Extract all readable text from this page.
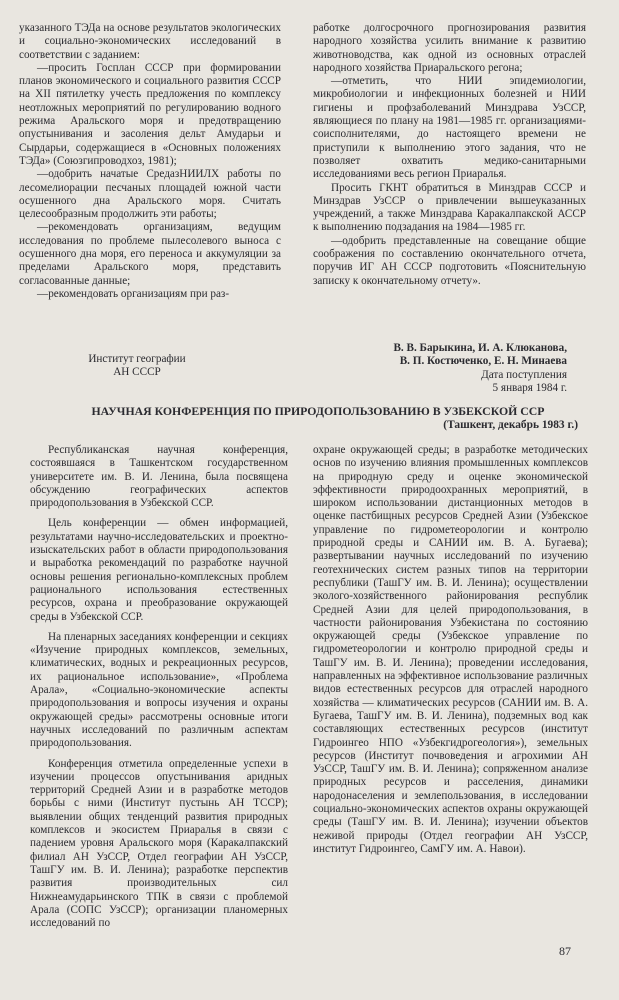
указанного ТЭДа на основе результатов экологических и социально-экономических исследований в соответствии с заданием:

—просить Госплан СССР при формировании планов экономического и социального развития СССР на XII пятилетку учесть предложения по комплексу неотложных мероприятий по регулированию водного режима Аральского моря и предотвращению опустынивания и засоления дельт Амударьи и Сырдарьи, содержащиеся в «Основных положениях ТЭДа» (Союзгипроводхоз, 1981);

—одобрить начатые СредазНИИЛХ работы по лесомелиорации песчаных площадей южной части осушенного дна Аральского моря. Считать целесообразным продолжить эти работы;

—рекомендовать организациям, ведущим исследования по проблеме пылесолевого выноса с осушенного дна моря, его переноса и аккумуляции за пределами Аральского моря, представить согласованные данные;

—рекомендовать организациям при раз-

работке долгосрочного прогнозирования развития народного хозяйства усилить внимание к развитию животноводства, как одной из основных отраслей народного хозяйства Приаральского регона;

—отметить, что НИИ эпидемиологии, микробиологии и инфекционных болезней и НИИ гигиены и профзаболеваний Минздрава УзССР, являющиеся по плану на 1981—1985 гг. организациями-соисполнителями, до настоящего времени не приступили к выполнению этого задания, что не позволяет охватить медико-санитарными исследованиями весь регион Приаралья.

Просить ГКНТ обратиться в Минздрав СССР и Минздрав УзССР о привлечении вышеуказанных учреждений, а также Минздрава Каракалпакской АССР к выполнению подзадания на 1984—1985 гг.

—одобрить представленные на совещание общие соображения по составлению окончательного отчета, поручив ИГ АН СССР подготовить «Пояснительную записку к окончательному отчету».

Институт географии
АН СССР
В. В. Барыкина, И. А. Клюканова,
В. П. Костюченко, Е. Н. Минаева
Дата поступления
5 января 1984 г.
НАУЧНАЯ КОНФЕРЕНЦИЯ ПО ПРИРОДОПОЛЬЗОВАНИЮ В УЗБЕКСКОЙ ССР
(Ташкент, декабрь 1983 г.)

Республиканская научная конференция, состоявшаяся в Ташкентском государственном университете им. В. И. Ленина, была посвящена обсуждению географических аспектов природопользования в Узбекской ССР.

Цель конференции — обмен информацией, результатами научно-исследовательских и проектно-изыскательских работ в области природопользования и выработка рекомендаций по разработке научной основы решения регионально-комплексных проблем рационального использования естественных ресурсов, охрана и преобразование окружающей среды в Узбекской ССР.

На пленарных заседаниях конференции и секциях «Изучение природных комплексов, земельных, климатических, водных и рекреационных ресурсов, их рациональное использование», «Проблема Арала», «Социально-экономические аспекты природопользования и вопросы изучения и охраны окружающей среды» рассмотрены основные итоги научных исследований по различным аспектам природопользования.

Конференция отметила определенные успехи в изучении процессов опустынивания аридных территорий Средней Азии и в разработке методов борьбы с ними (Институт пустынь АН ТССР); выявлении общих тенденций развития природных комплексов и экосистем Приаралья в связи с падением уровня Аральского моря (Каракалпакский филиал АН УзССР, Отдел географии АН УзССР, ТашГУ им. В. И. Ленина); разработке перспектив развития производительных сил Нижнеамударьинского ТПК в связи с проблемой Арала (СОПС УзССР); организации планомерных исследований по

охране окружающей среды; в разработке методических основ по изучению влияния промышленных комплексов на природную среду и оценке экономической эффективности природоохранных мероприятий, в широком использовании дистанционных методов в оценке пастбищных ресурсов Средней Азии (Узбекское управление по гидрометеорологии и контролю природной среды и САНИИ им. В. А. Бугаева); развертывании научных исследований по изучению геотехнических систем разных типов на территории республики (ТашГУ им. В. И. Ленина); осуществлении эколого-хозяйственного районирования республик Средней Азии для целей природопользования, в частности районирования Узбекистана по состоянию окружающей среды (Узбекское управление по гидрометеорологии и контролю природной среды и ТашГУ им. В. И. Ленина); проведении исследования, направленных на эффективное использование различных видов естественных ресурсов для отраслей народного хозяйства — климатических ресурсов (САНИИ им. В. А. Бугаева, ТашГУ им. В. И. Ленина), подземных вод как составляющих естественных ресурсов (институт Гидроингео НПО «Узбекгидрогеология»), земельных ресурсов (Институт почвоведения и агрохимии АН УзССР, ТашГУ им. В. И. Ленина); сопряженном анализе природных ресурсов и расселения, динамики народонаселения и землепользования, в исследовании социально-экономических аспектов охраны окружающей среды (ТашГУ им. В. И. Ленина); изучении объектов неживой природы (Отдел географии АН УзССР, институт Гидроингео, СамГУ им. А. Навои).

87
